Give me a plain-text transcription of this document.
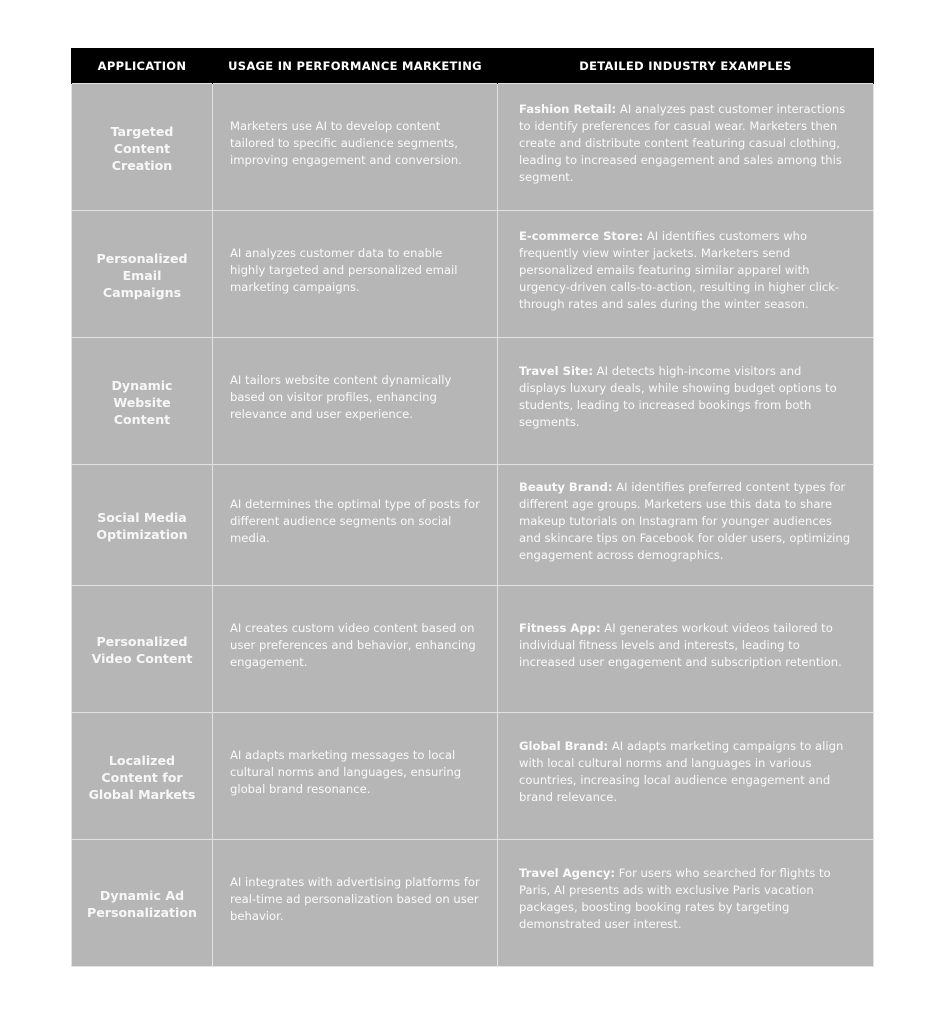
APPLICATION	USAGE IN PERFORMANCE MARKETING	DETAILED INDUSTRY EXAMPLES

Targeted Content Creation	Marketers use AI to develop content tailored to specific audience segments, improving engagement and conversion.	Fashion Retail: AI analyzes past customer interactions to identify preferences for casual wear. Marketers then create and distribute content featuring casual clothing, leading to increased engagement and sales among this segment.

Personalized Email Campaigns	AI analyzes customer data to enable highly targeted and personalized email marketing campaigns.	E-commerce Store: AI identifies customers who frequently view winter jackets. Marketers send personalized emails featuring similar apparel with urgency-driven calls-to-action, resulting in higher click-through rates and sales during the winter season.

Dynamic Website Content	AI tailors website content dynamically based on visitor profiles, enhancing relevance and user experience.	Travel Site: AI detects high-income visitors and displays luxury deals, while showing budget options to students, leading to increased bookings from both segments.

Social Media Optimization	AI determines the optimal type of posts for different audience segments on social media.	Beauty Brand: AI identifies preferred content types for different age groups. Marketers use this data to share makeup tutorials on Instagram for younger audiences and skincare tips on Facebook for older users, optimizing engagement across demographics.

Personalized Video Content	AI creates custom video content based on user preferences and behavior, enhancing engagement.	Fitness App: AI generates workout videos tailored to individual fitness levels and interests, leading to increased user engagement and subscription retention.

Localized Content for Global Markets	AI adapts marketing messages to local cultural norms and languages, ensuring global brand resonance.	Global Brand: AI adapts marketing campaigns to align with local cultural norms and languages in various countries, increasing local audience engagement and brand relevance.

Dynamic Ad Personalization	AI integrates with advertising platforms for real-time ad personalization based on user behavior.	Travel Agency: For users who searched for flights to Paris, AI presents ads with exclusive Paris vacation packages, boosting booking rates by targeting demonstrated user interest.
